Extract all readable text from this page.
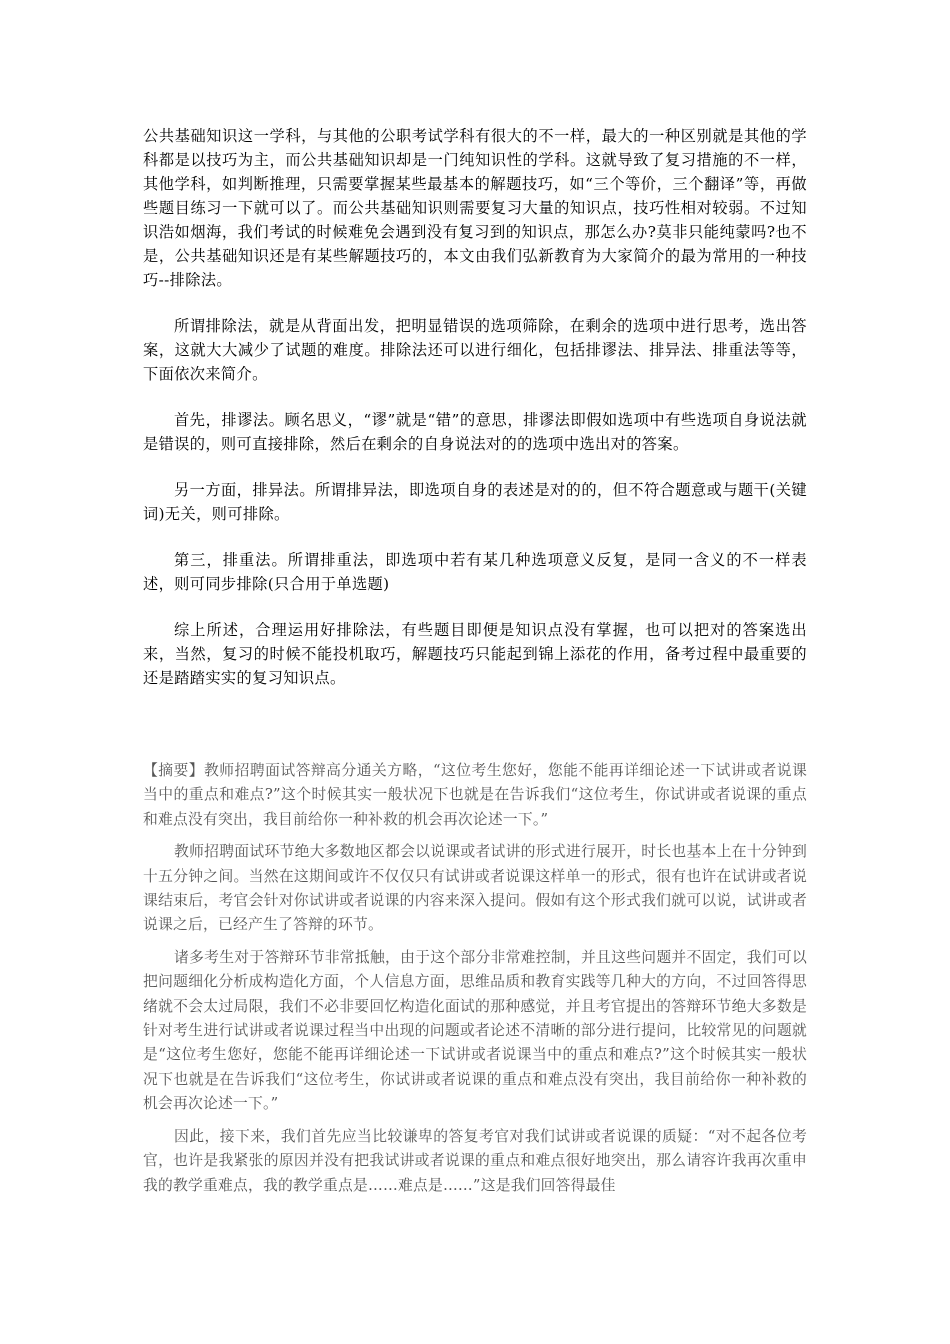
公共基础知识这一学科，与其他的公职考试学科有很大的不一样，最大的一种区别就是其他的学科都是以技巧为主，而公共基础知识却是一门纯知识性的学科。这就导致了复习措施的不一样，其他学科，如判断推理，只需要掌握某些最基本的解题技巧，如“三个等价，三个翻译”等，再做些题目练习一下就可以了。而公共基础知识则需要复习大量的知识点，技巧性相对较弱。不过知识浩如烟海，我们考试的时候难免会遇到没有复习到的知识点，那怎么办?莫非只能纯蒙吗?也不是，公共基础知识还是有某些解题技巧的，本文由我们弘新教育为大家简介的最为常用的一种技巧--排除法。

所谓排除法，就是从背面出发，把明显错误的选项筛除，在剩余的选项中进行思考，选出答案，这就大大减少了试题的难度。排除法还可以进行细化，包括排谬法、排异法、排重法等等，下面依次来简介。

首先，排谬法。顾名思义，“谬”就是“错”的意思，排谬法即假如选项中有些选项自身说法就是错误的，则可直接排除，然后在剩余的自身说法对的的选项中选出对的答案。

另一方面，排异法。所谓排异法，即选项自身的表述是对的的，但不符合题意或与题干(关键词)无关，则可排除。

第三，排重法。所谓排重法，即选项中若有某几种选项意义反复，是同一含义的不一样表述，则可同步排除(只合用于单选题)

综上所述，合理运用好排除法，有些题目即便是知识点没有掌握，也可以把对的答案选出来，当然，复习的时候不能投机取巧，解题技巧只能起到锦上添花的作用，备考过程中最重要的还是踏踏实实的复习知识点。

【摘要】教师招聘面试答辩高分通关方略，“这位考生您好，您能不能再详细论述一下试讲或者说课当中的重点和难点?”这个时候其实一般状况下也就是在告诉我们“这位考生，你试讲或者说课的重点和难点没有突出，我目前给你一种补救的机会再次论述一下。”

教师招聘面试环节绝大多数地区都会以说课或者试讲的形式进行展开，时长也基本上在十分钟到十五分钟之间。当然在这期间或许不仅仅只有试讲或者说课这样单一的形式，很有也许在试讲或者说课结束后，考官会针对你试讲或者说课的内容来深入提问。假如有这个形式我们就可以说，试讲或者说课之后，已经产生了答辩的环节。

诸多考生对于答辩环节非常抵触，由于这个部分非常难控制，并且这些问题并不固定，我们可以把问题细化分析成构造化方面，个人信息方面，思维品质和教育实践等几种大的方向，不过回答得思绪就不会太过局限，我们不必非要回忆构造化面试的那种感觉，并且考官提出的答辩环节绝大多数是针对考生进行试讲或者说课过程当中出现的问题或者论述不清晰的部分进行提问，比较常见的问题就是“这位考生您好，您能不能再详细论述一下试讲或者说课当中的重点和难点?”这个时候其实一般状况下也就是在告诉我们“这位考生，你试讲或者说课的重点和难点没有突出，我目前给你一种补救的机会再次论述一下。”

因此，接下来，我们首先应当比较谦卑的答复考官对我们试讲或者说课的质疑：“对不起各位考官，也许是我紧张的原因并没有把我试讲或者说课的重点和难点很好地突出，那么请容许我再次重申我的教学重难点，我的教学重点是……难点是……”这是我们回答得最佳
